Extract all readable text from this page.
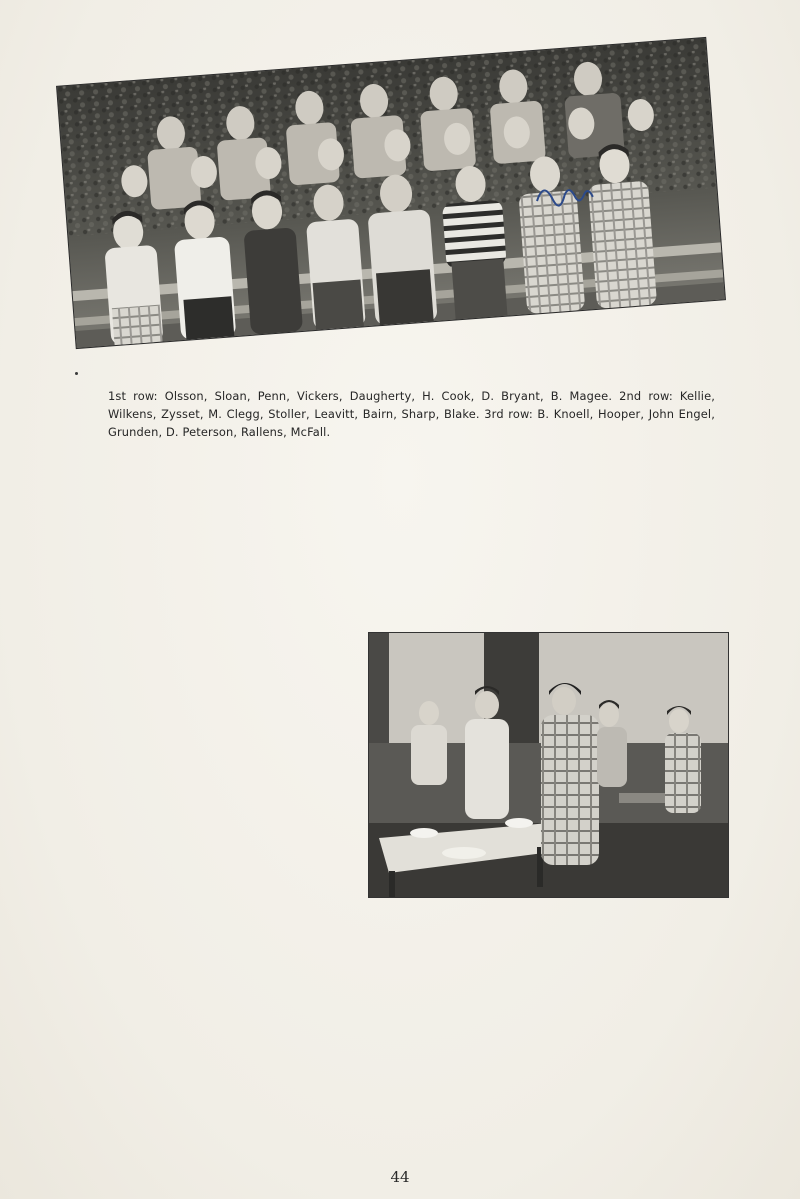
1st row: Olsson, Sloan, Penn, Vickers, Daugherty, H. Cook, D. Bryant, B. Magee. 2nd row: Kellie, Wilkens, Zysset, M. Clegg, Stoller, Leavitt, Bairn, Sharp, Blake. 3rd row: B. Knoell, Hooper, John Engel, Grunden, D. Peterson, Rallens, McFall.
44
